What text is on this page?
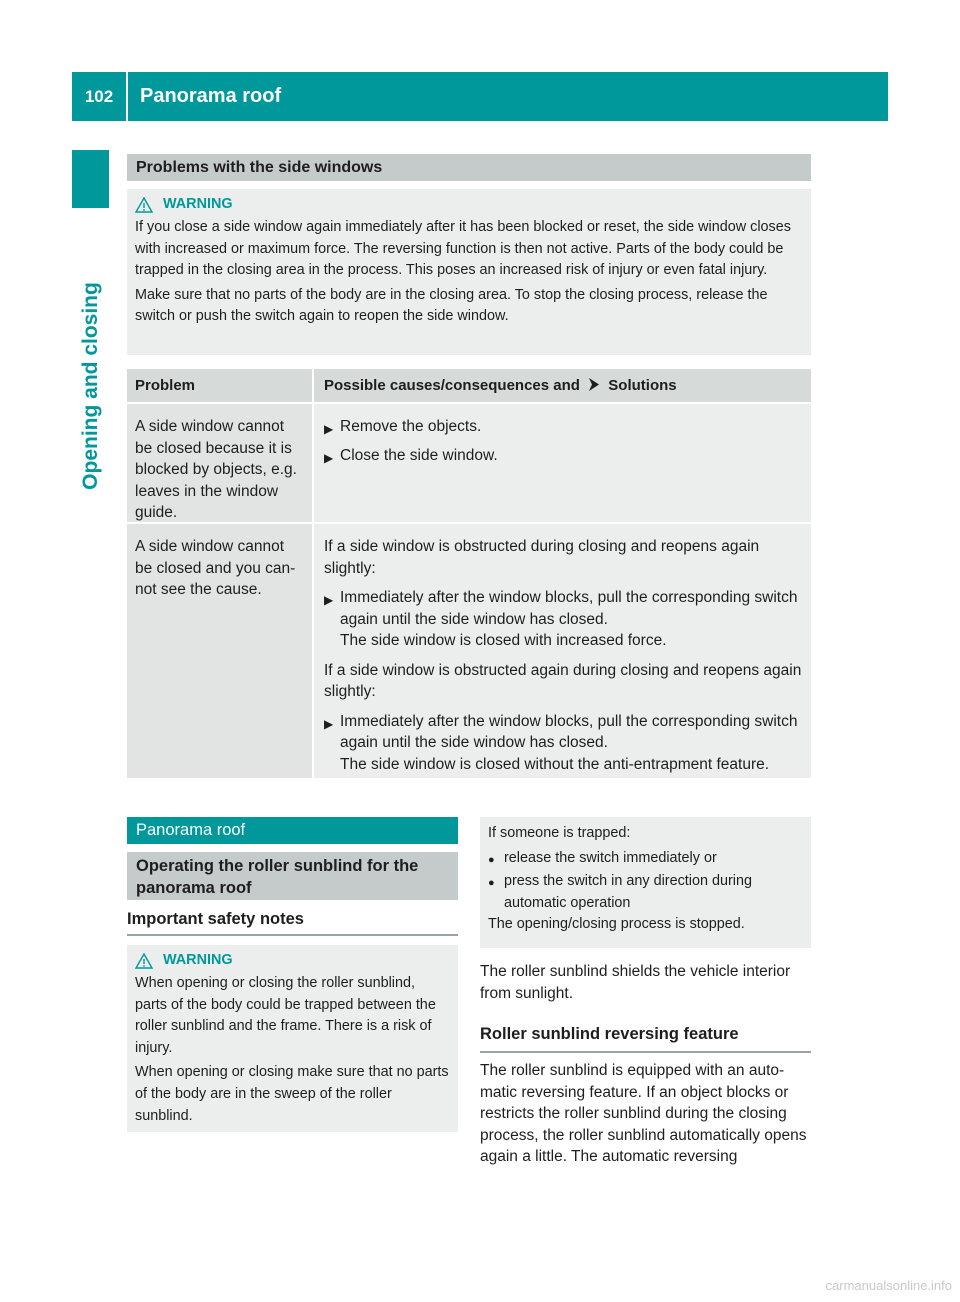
102	Panorama roof
Opening and closing
Problems with the side windows
WARNING

If you close a side window again immediately after it has been blocked or reset, the side window closes with increased or maximum force. The reversing function is then not active. Parts of the body could be trapped in the closing area in the process. This poses an increased risk of injury or even fatal injury.

Make sure that no parts of the body are in the closing area. To stop the closing process, release the switch or push the switch again to reopen the side window.

Problem	Possible causes/consequences and Solutions
A side window cannot be closed because it is blocked by objects, e.g. leaves in the window guide.
▶ Remove the objects.
▶ Close the side window.
A side window cannot be closed and you can-not see the cause.

If a side window is obstructed during closing and reopens again slightly:

▶ Immediately after the window blocks, pull the corresponding switch again until the side window has closed.
The side window is closed with increased force.

If a side window is obstructed again during closing and reopens again slightly:

▶ Immediately after the window blocks, pull the corresponding switch again until the side window has closed.
The side window is closed without the anti-entrapment feature.
Panorama roof
Operating the roller sunblind for the panorama roof
Important safety notes
WARNING

When opening or closing the roller sunblind, parts of the body could be trapped between the roller sunblind and the frame. There is a risk of injury.

When opening or closing make sure that no parts of the body are in the sweep of the roller sunblind.

If someone is trapped:

● release the switch immediately or
● press the switch in any direction during automatic operation

The opening/closing process is stopped.

The roller sunblind shields the vehicle interior from sunlight.
Roller sunblind reversing feature
The roller sunblind is equipped with an auto-matic reversing feature. If an object blocks or restricts the roller sunblind during the closing process, the roller sunblind automatically opens again a little. The automatic reversing
carmanualsonline.info
